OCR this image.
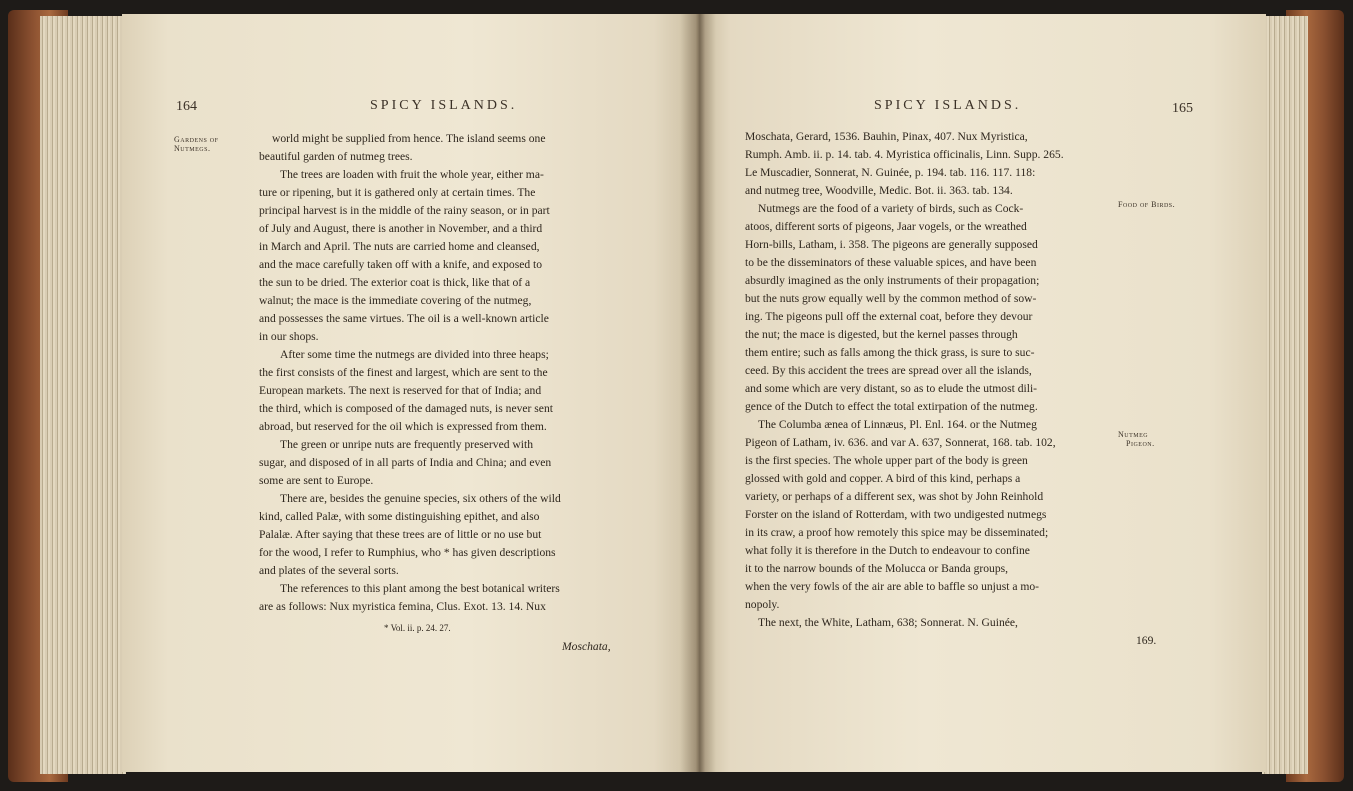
164	SPICY ISLANDS.
Gardens of
Nutmegs.
world might be supplied from hence. The island seems one
beautiful garden of nutmeg trees.
The trees are loaden with fruit the whole year, either ma-
ture or ripening, but it is gathered only at certain times. The
principal harvest is in the middle of the rainy season, or in part
of July and August, there is another in November, and a third
in March and April. The nuts are carried home and cleansed,
and the mace carefully taken off with a knife, and exposed to
the sun to be dried. The exterior coat is thick, like that of a
walnut; the mace is the immediate covering of the nutmeg,
and possesses the same virtues. The oil is a well-known article
in our shops.
After some time the nutmegs are divided into three heaps;
the first consists of the finest and largest, which are sent to the
European markets. The next is reserved for that of India; and
the third, which is composed of the damaged nuts, is never sent
abroad, but reserved for the oil which is expressed from them.
The green or unripe nuts are frequently preserved with
sugar, and disposed of in all parts of India and China; and even
some are sent to Europe.
There are, besides the genuine species, six others of the wild
kind, called Palæ, with some distinguishing epithet, and also
Palalæ. After saying that these trees are of little or no use but
for the wood, I refer to Rumphius, who * has given descriptions
and plates of the several sorts.
The references to this plant among the best botanical writers
are as follows: Nux myristica femina, Clus. Exot. 13. 14. Nux
* Vol. ii. p. 24. 27.
Moschata,
SPICY ISLANDS.	165
Food of Birds.
Nutmeg
Pigeon.
Moschata, Gerard, 1536. Bauhin, Pinax, 407. Nux Myristica,
Rumph. Amb. ii. p. 14. tab. 4. Myristica officinalis, Linn. Supp. 265.
Le Muscadier, Sonnerat, N. Guinée, p. 194. tab. 116. 117. 118:
and nutmeg tree, Woodville, Medic. Bot. ii. 363. tab. 134.
Nutmegs are the food of a variety of birds, such as Cock-
atoos, different sorts of pigeons, Jaar vogels, or the wreathed
Horn-bills, Latham, i. 358. The pigeons are generally supposed
to be the disseminators of these valuable spices, and have been
absurdly imagined as the only instruments of their propagation;
but the nuts grow equally well by the common method of sow-
ing. The pigeons pull off the external coat, before they devour
the nut; the mace is digested, but the kernel passes through
them entire; such as falls among the thick grass, is sure to suc-
ceed. By this accident the trees are spread over all the islands,
and some which are very distant, so as to elude the utmost dili-
gence of the Dutch to effect the total extirpation of the nutmeg.
The Columba ænea of Linnæus, Pl. Enl. 164. or the Nutmeg
Pigeon of Latham, iv. 636. and var A. 637, Sonnerat, 168. tab. 102,
is the first species. The whole upper part of the body is green
glossed with gold and copper. A bird of this kind, perhaps a
variety, or perhaps of a different sex, was shot by John Reinhold
Forster on the island of Rotterdam, with two undigested nutmegs
in its craw, a proof how remotely this spice may be disseminated;
what folly it is therefore in the Dutch to endeavour to confine
it to the narrow bounds of the Molucca or Banda groups,
when the very fowls of the air are able to baffle so unjust a mo-
nopoly.
The next, the White, Latham, 638; Sonnerat. N. Guinée,
169.
